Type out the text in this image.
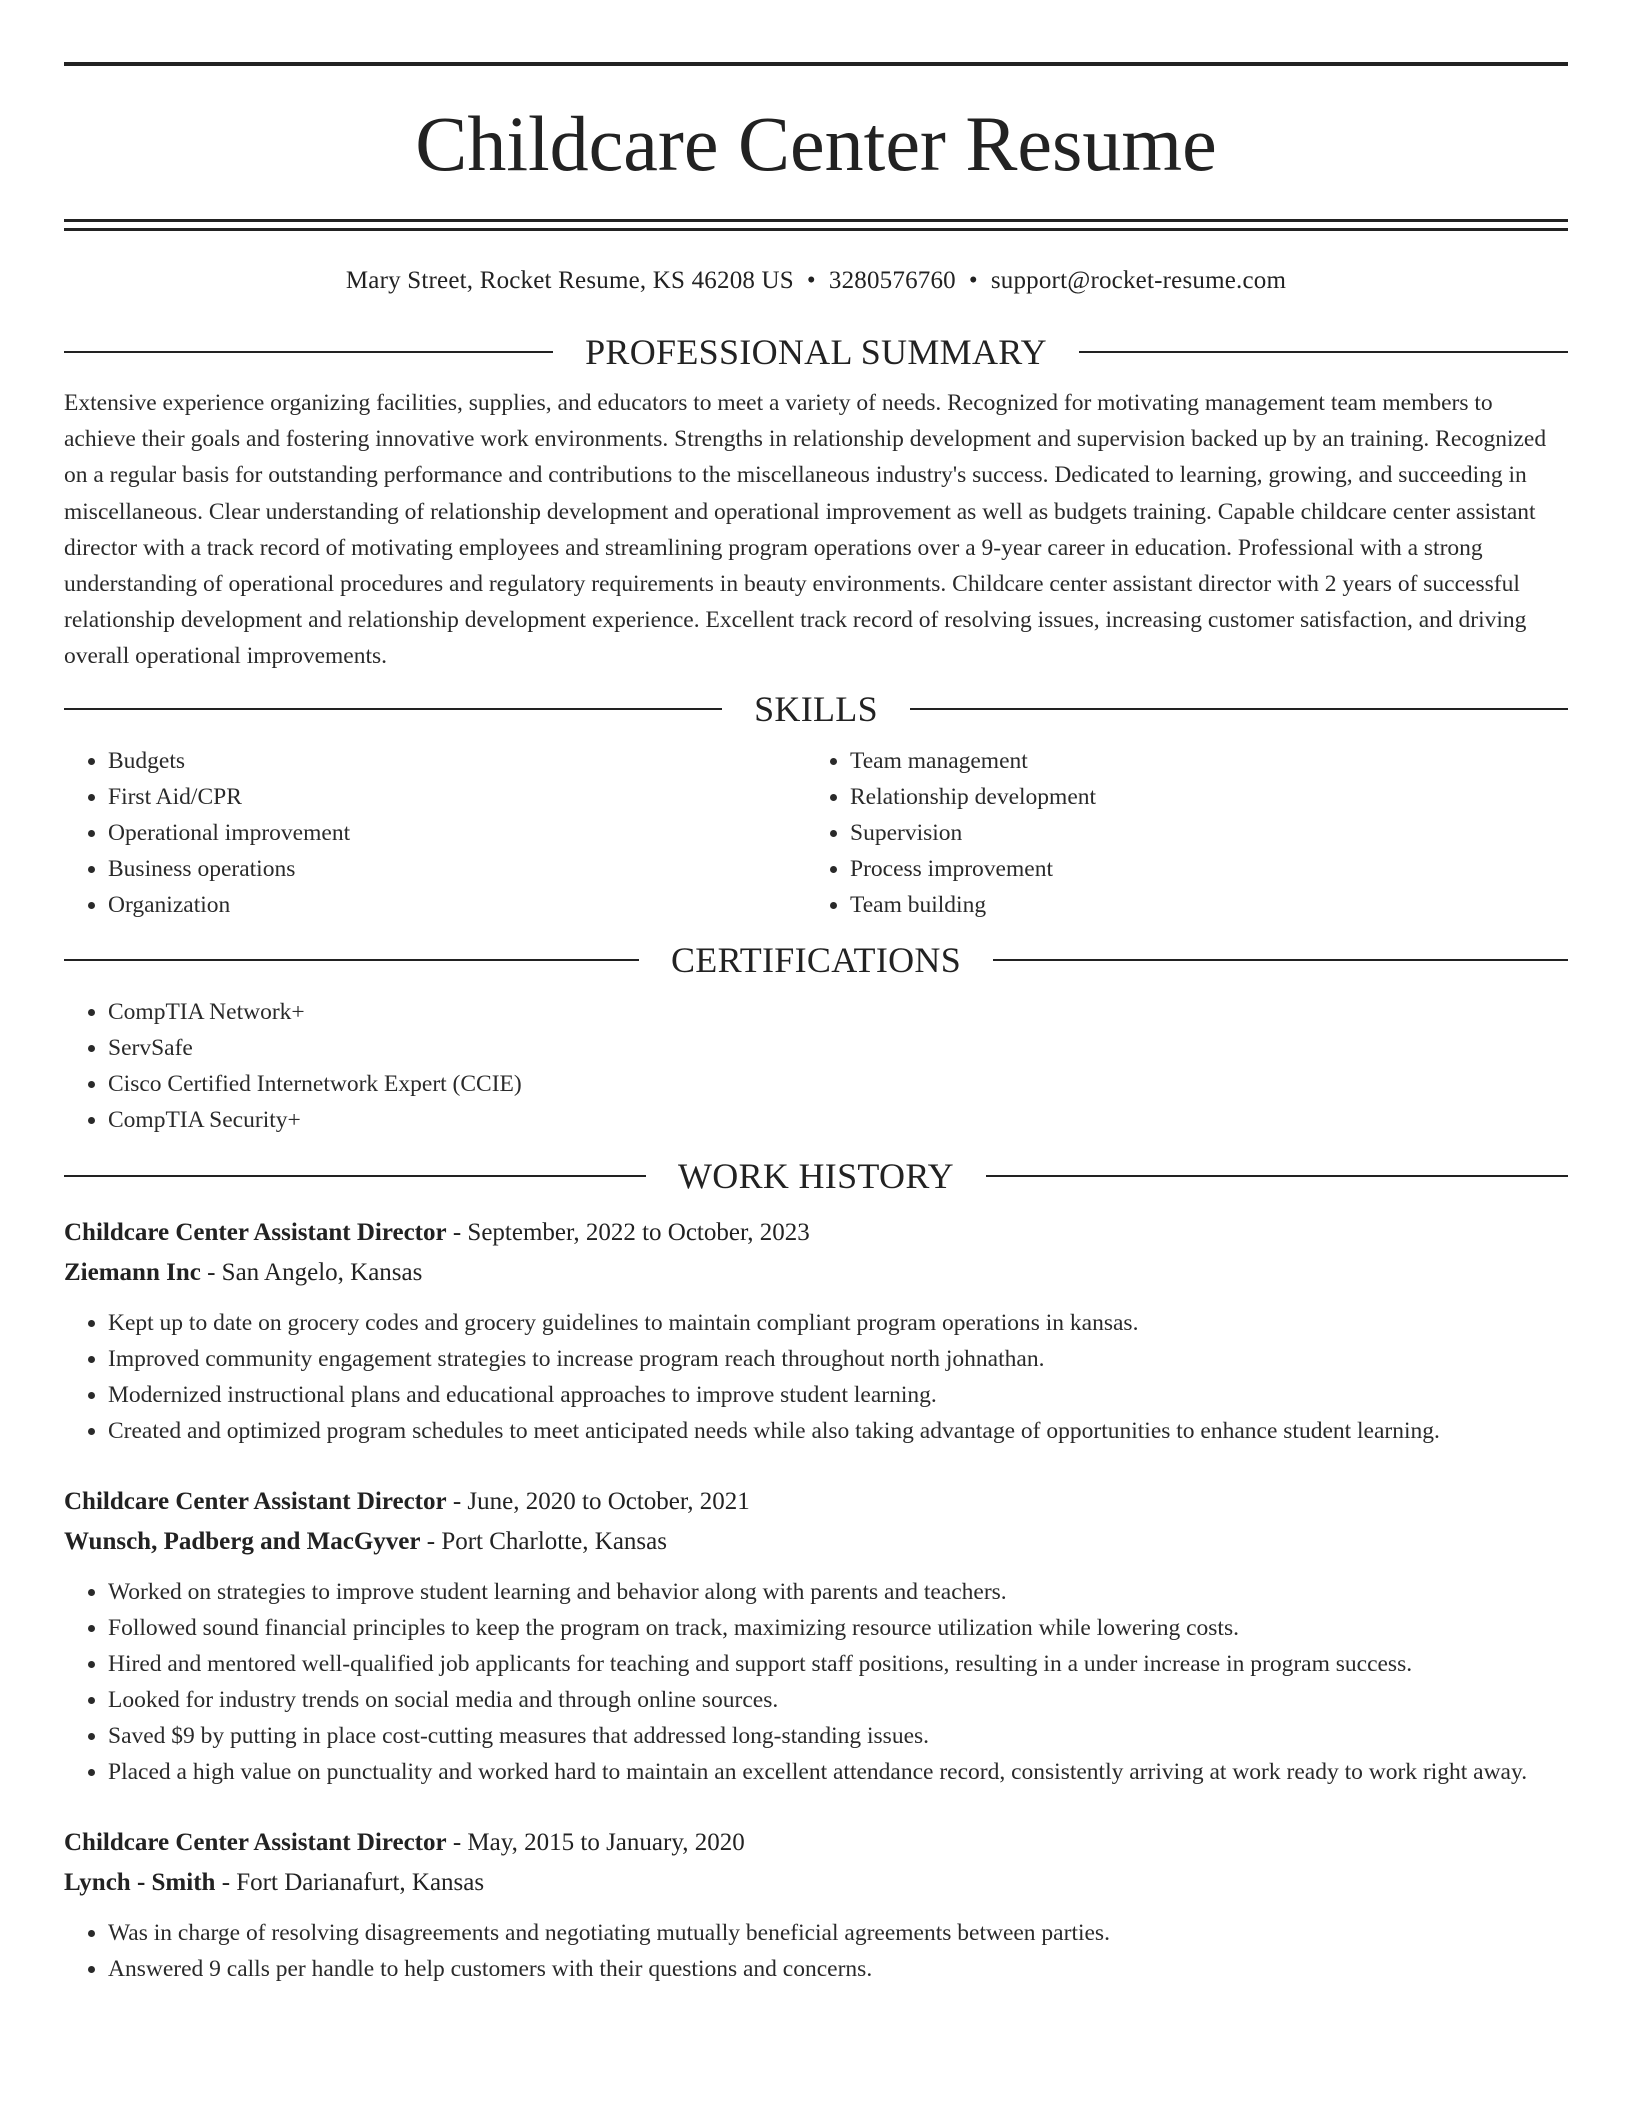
Childcare Center Resume
Mary Street, Rocket Resume, KS 46208 US • 3280576760 • support@rocket-resume.com
PROFESSIONAL SUMMARY

Extensive experience organizing facilities, supplies, and educators to meet a variety of needs. Recognized for motivating management team members to achieve their goals and fostering innovative work environments. Strengths in relationship development and supervision backed up by an training. Recognized on a regular basis for outstanding performance and contributions to the miscellaneous industry's success. Dedicated to learning, growing, and succeeding in miscellaneous. Clear understanding of relationship development and operational improvement as well as budgets training. Capable childcare center assistant director with a track record of motivating employees and streamlining program operations over a 9-year career in education. Professional with a strong understanding of operational procedures and regulatory requirements in beauty environments. Childcare center assistant director with 2 years of successful relationship development and relationship development experience. Excellent track record of resolving issues, increasing customer satisfaction, and driving overall operational improvements.

SKILLS
• Budgets
• First Aid/CPR
• Operational improvement
• Business operations
• Organization
• Team management
• Relationship development
• Supervision
• Process improvement
• Team building
CERTIFICATIONS
• CompTIA Network+
• ServSafe
• Cisco Certified Internetwork Expert (CCIE)
• CompTIA Security+
WORK HISTORY
Childcare Center Assistant Director - September, 2022 to October, 2023
Ziemann Inc - San Angelo, Kansas
• Kept up to date on grocery codes and grocery guidelines to maintain compliant program operations in kansas.
• Improved community engagement strategies to increase program reach throughout north johnathan.
• Modernized instructional plans and educational approaches to improve student learning.
• Created and optimized program schedules to meet anticipated needs while also taking advantage of opportunities to enhance student learning.
Childcare Center Assistant Director - June, 2020 to October, 2021
Wunsch, Padberg and MacGyver - Port Charlotte, Kansas
• Worked on strategies to improve student learning and behavior along with parents and teachers.
• Followed sound financial principles to keep the program on track, maximizing resource utilization while lowering costs.
• Hired and mentored well-qualified job applicants for teaching and support staff positions, resulting in a under increase in program success.
• Looked for industry trends on social media and through online sources.
• Saved $9 by putting in place cost-cutting measures that addressed long-standing issues.
• Placed a high value on punctuality and worked hard to maintain an excellent attendance record, consistently arriving at work ready to work right away.
Childcare Center Assistant Director - May, 2015 to January, 2020
Lynch - Smith - Fort Darianafurt, Kansas
• Was in charge of resolving disagreements and negotiating mutually beneficial agreements between parties.
• Answered 9 calls per handle to help customers with their questions and concerns.
